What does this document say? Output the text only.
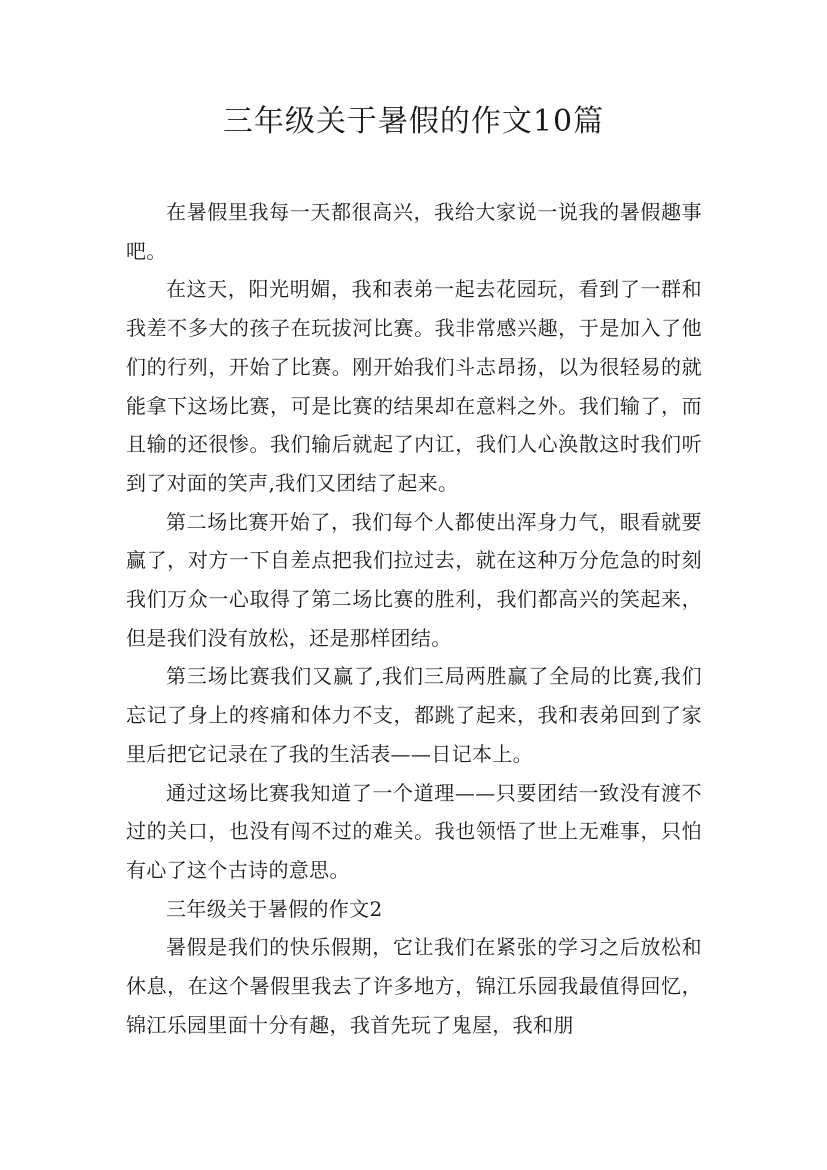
三年级关于暑假的作文10篇

在暑假里我每一天都很高兴，我给大家说一说我的暑假趣事吧。

在这天，阳光明媚，我和表弟一起去花园玩，看到了一群和我差不多大的孩子在玩拔河比赛。我非常感兴趣，于是加入了他们的行列，开始了比赛。刚开始我们斗志昂扬，以为很轻易的就能拿下这场比赛，可是比赛的结果却在意料之外。我们输了，而且输的还很惨。我们输后就起了内讧，我们人心涣散这时我们听到了对面的笑声,我们又团结了起来。

第二场比赛开始了，我们每个人都使出浑身力气，眼看就要赢了，对方一下自差点把我们拉过去，就在这种万分危急的时刻我们万众一心取得了第二场比赛的胜利，我们都高兴的笑起来，但是我们没有放松，还是那样团结。

第三场比赛我们又赢了,我们三局两胜赢了全局的比赛,我们忘记了身上的疼痛和体力不支，都跳了起来，我和表弟回到了家里后把它记录在了我的生活表——日记本上。

通过这场比赛我知道了一个道理——只要团结一致没有渡不过的关口，也没有闯不过的难关。我也领悟了世上无难事，只怕有心了这个古诗的意思。

三年级关于暑假的作文2

暑假是我们的快乐假期，它让我们在紧张的学习之后放松和休息，在这个暑假里我去了许多地方，锦江乐园我最值得回忆，锦江乐园里面十分有趣，我首先玩了鬼屋，我和朋
